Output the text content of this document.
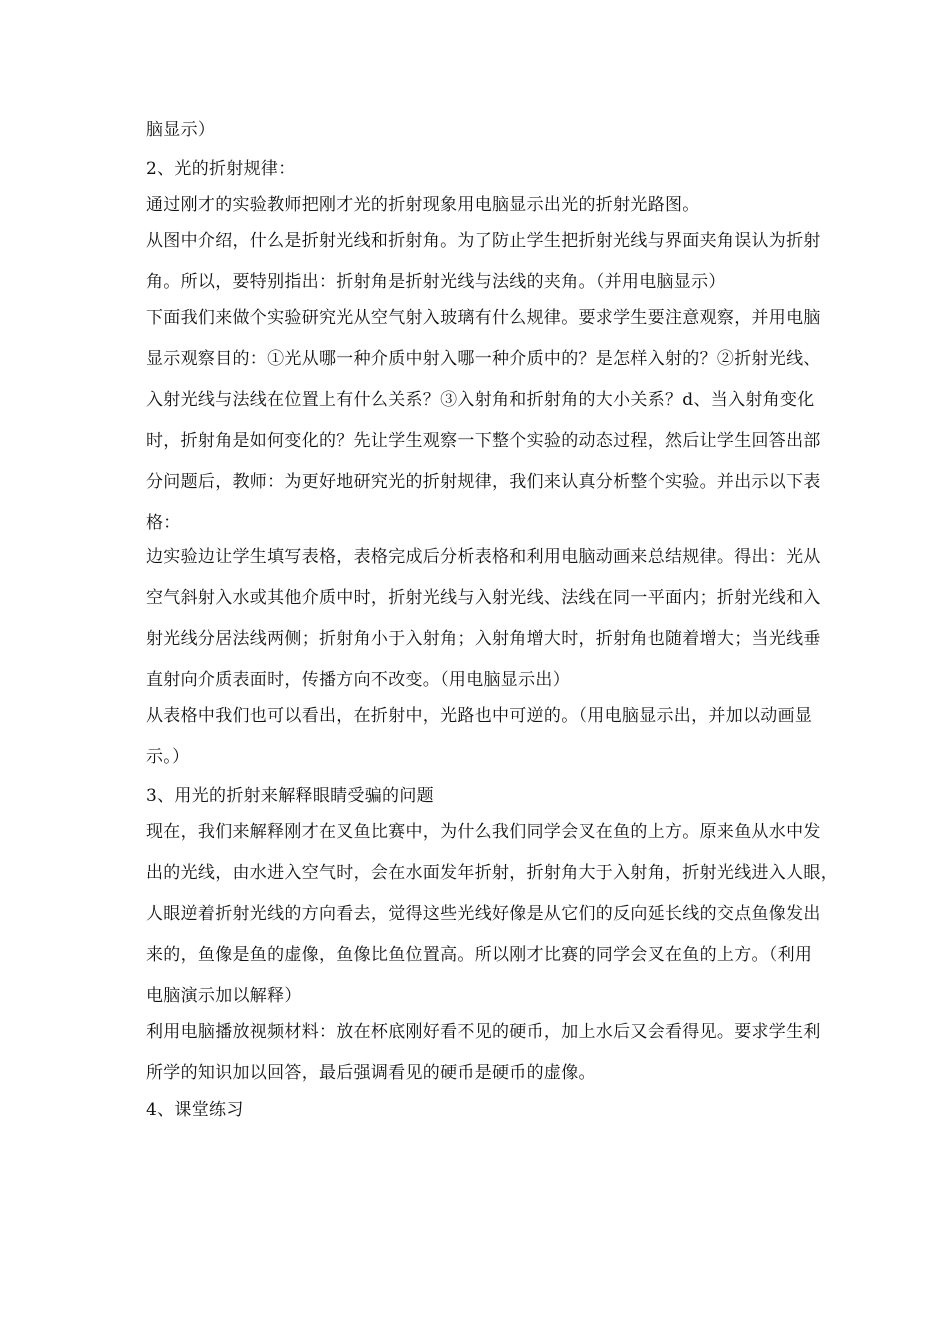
脑显示）
2、光的折射规律：
通过刚才的实验教师把刚才光的折射现象用电脑显示出光的折射光路图。
从图中介绍，什么是折射光线和折射角。为了防止学生把折射光线与界面夹角误认为折射
角。所以，要特别指出：折射角是折射光线与法线的夹角。（并用电脑显示）
下面我们来做个实验研究光从空气射入玻璃有什么规律。要求学生要注意观察，并用电脑
显示观察目的：①光从哪一种介质中射入哪一种介质中的？是怎样入射的？②折射光线、
入射光线与法线在位置上有什么关系？③入射角和折射角的大小关系？d、当入射角变化
时，折射角是如何变化的？先让学生观察一下整个实验的动态过程，然后让学生回答出部
分问题后，教师：为更好地研究光的折射规律，我们来认真分析整个实验。并出示以下表
格：
边实验边让学生填写表格，表格完成后分析表格和利用电脑动画来总结规律。得出：光从
空气斜射入水或其他介质中时，折射光线与入射光线、法线在同一平面内；折射光线和入
射光线分居法线两侧；折射角小于入射角；入射角增大时，折射角也随着增大；当光线垂
直射向介质表面时，传播方向不改变。（用电脑显示出）
从表格中我们也可以看出，在折射中，光路也中可逆的。（用电脑显示出，并加以动画显
示。）
3、用光的折射来解释眼睛受骗的问题
现在，我们来解释刚才在叉鱼比赛中，为什么我们同学会叉在鱼的上方。原来鱼从水中发
出的光线，由水进入空气时，会在水面发年折射，折射角大于入射角，折射光线进入人眼，
人眼逆着折射光线的方向看去，觉得这些光线好像是从它们的反向延长线的交点鱼像发出
来的，鱼像是鱼的虚像，鱼像比鱼位置高。所以刚才比赛的同学会叉在鱼的上方。（利用
电脑演示加以解释）
利用电脑播放视频材料：放在杯底刚好看不见的硬币，加上水后又会看得见。要求学生利
所学的知识加以回答，最后强调看见的硬币是硬币的虚像。
4、课堂练习
